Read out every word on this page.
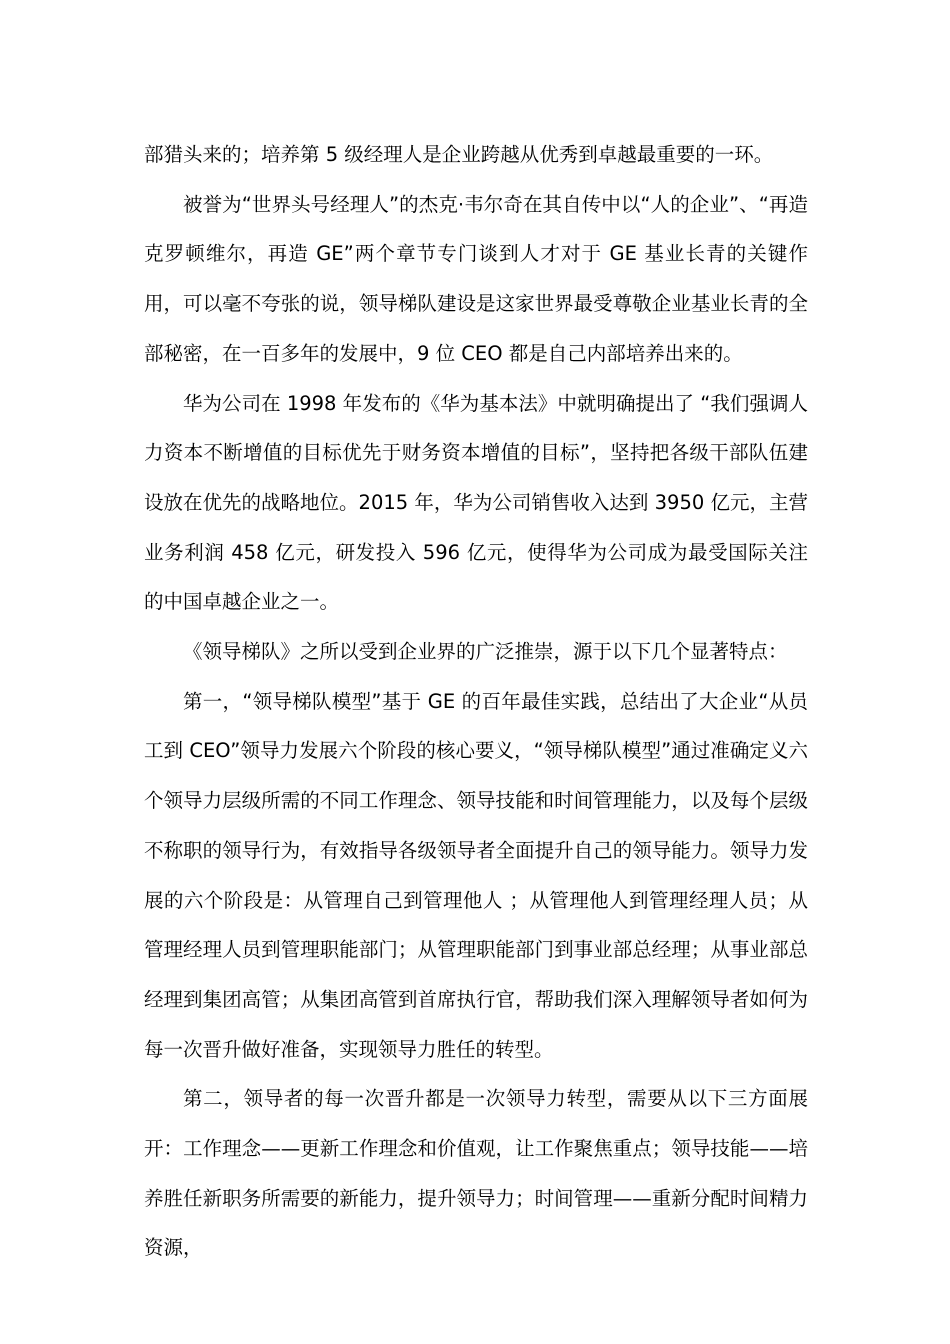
部猎头来的；培养第 5 级经理人是企业跨越从优秀到卓越最重要的一环。

被誉为“世界头号经理人”的杰克·韦尔奇在其自传中以“人的企业”、“再造克罗顿维尔，再造 GE”两个章节专门谈到人才对于 GE 基业长青的关键作用，可以毫不夸张的说，领导梯队建设是这家世界最受尊敬企业基业长青的全部秘密，在一百多年的发展中，9 位 CEO 都是自己内部培养出来的。

华为公司在 1998 年发布的《华为基本法》中就明确提出了 “我们强调人力资本不断增值的目标优先于财务资本增值的目标”，坚持把各级干部队伍建设放在优先的战略地位。2015 年，华为公司销售收入达到 3950 亿元，主营业务利润 458 亿元，研发投入 596 亿元，使得华为公司成为最受国际关注的中国卓越企业之一。

《领导梯队》之所以受到企业界的广泛推崇，源于以下几个显著特点：

第一，“领导梯队模型”基于 GE 的百年最佳实践，总结出了大企业“从员工到 CEO”领导力发展六个阶段的核心要义，“领导梯队模型”通过准确定义六个领导力层级所需的不同工作理念、领导技能和时间管理能力，以及每个层级不称职的领导行为，有效指导各级领导者全面提升自己的领导能力。领导力发展的六个阶段是：从管理自己到管理他人 ；从管理他人到管理经理人员；从管理经理人员到管理职能部门；从管理职能部门到事业部总经理；从事业部总经理到集团高管；从集团高管到首席执行官，帮助我们深入理解领导者如何为每一次晋升做好准备，实现领导力胜任的转型。

第二，领导者的每一次晋升都是一次领导力转型，需要从以下三方面展开：工作理念——更新工作理念和价值观，让工作聚焦重点；领导技能——培养胜任新职务所需要的新能力，提升领导力；时间管理——重新分配时间精力资源，
